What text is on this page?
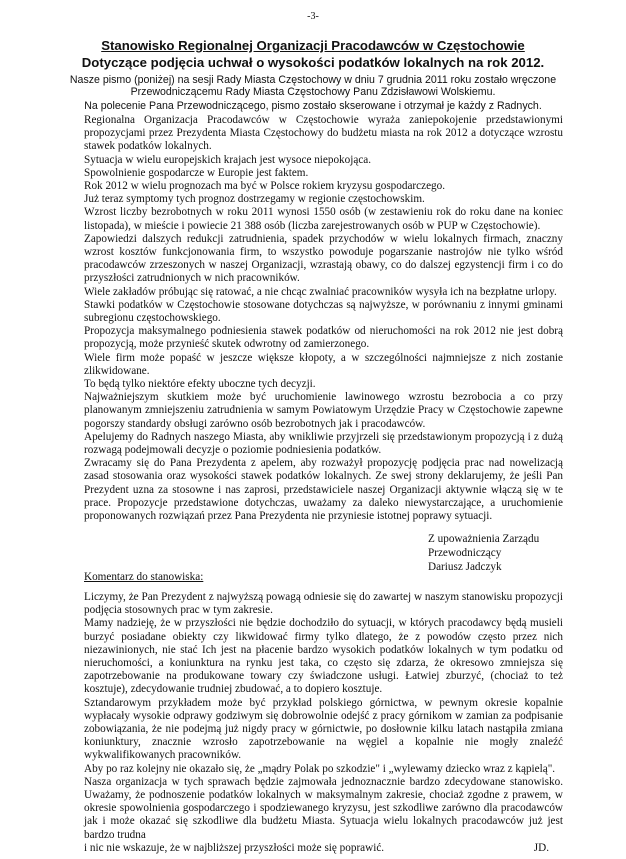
-3-
Stanowisko Regionalnej Organizacji Pracodawców w Częstochowie
Dotyczące podjęcia uchwał o wysokości podatków lokalnych na rok 2012.

Nasze pismo (poniżej) na sesji Rady Miasta Częstochowy w dniu 7 grudnia 2011 roku zostało wręczone Przewodniczącemu Rady Miasta Częstochowy Panu Zdzisławowi Wolskiemu.

Na polecenie Pana Przewodniczącego, pismo zostało skserowane i otrzymał je każdy z Radnych.

Regionalna Organizacja Pracodawców w Częstochowie wyraża zaniepokojenie przedstawionymi propozycjami przez Prezydenta Miasta Częstochowy do budżetu miasta na rok 2012 a dotyczące wzrostu stawek podatków lokalnych.

Sytuacja w wielu europejskich krajach jest wysoce niepokojąca.

Spowolnienie gospodarcze w Europie jest faktem.

Rok 2012 w wielu prognozach ma być w Polsce rokiem kryzysu gospodarczego.

Już teraz symptomy tych prognoz dostrzegamy w regionie częstochowskim.

Wzrost liczby bezrobotnych w roku 2011 wynosi 1550 osób (w zestawieniu rok do roku dane na koniec listopada), w mieście i powiecie 21 388 osób (liczba zarejestrowanych osób w PUP w Częstochowie).

Zapowiedzi dalszych redukcji zatrudnienia, spadek przychodów w wielu lokalnych firmach, znaczny wzrost kosztów funkcjonowania firm, to wszystko powoduje pogarszanie nastrojów nie tylko wśród pracodawców zrzeszonych w naszej Organizacji, wzrastają obawy, co do dalszej egzystencji firm i co do przyszłości zatrudnionych w nich pracowników.

Wiele zakładów próbując się ratować, a nie chcąc zwalniać pracowników wysyła ich na bezpłatne urlopy.

Stawki podatków w Częstochowie stosowane dotychczas są najwyższe, w porównaniu z innymi gminami subregionu częstochowskiego.

Propozycja maksymalnego podniesienia stawek podatków od nieruchomości na rok 2012 nie jest dobrą propozycją, może przynieść skutek odwrotny od zamierzonego.

Wiele firm może popaść w jeszcze większe kłopoty, a w szczególności najmniejsze z nich zostanie zlikwidowane.

To będą tylko niektóre efekty uboczne tych decyzji.

Najważniejszym skutkiem może być uruchomienie lawinowego wzrostu bezrobocia a co przy planowanym zmniejszeniu zatrudnienia w samym Powiatowym Urzędzie Pracy w Częstochowie zapewne pogorszy standardy obsługi zarówno osób bezrobotnych jak i pracodawców.

Apelujemy do Radnych naszego Miasta, aby wnikliwie przyjrzeli się przedstawionym propozycją i z dużą rozwagą podejmowali decyzje o poziomie podniesienia podatków.

Zwracamy się do Pana Prezydenta z apelem, aby rozważył propozycję podjęcia prac nad nowelizacją zasad stosowania oraz wysokości stawek podatków lokalnych. Ze swej strony deklarujemy, że jeśli Pan Prezydent uzna za stosowne i nas zaprosi, przedstawiciele naszej Organizacji aktywnie włączą się w te prace. Propozycje przedstawione dotychczas, uważamy za daleko niewystarczające, a uruchomienie proponowanych rozwiązań przez Pana Prezydenta nie przyniesie istotnej poprawy sytuacji.

Z upoważnienia Zarządu

Przewodniczący

Dariusz Jadczyk

Komentarz do stanowiska:

Liczymy, że Pan Prezydent z najwyższą powagą odniesie się do zawartej w naszym stanowisku propozycji podjęcia stosownych prac w tym zakresie.

Mamy nadzieję, że w przyszłości nie będzie dochodziło do sytuacji, w których pracodawcy będą musieli burzyć posiadane obiekty czy likwidować firmy tylko dlatego, że z powodów często przez nich niezawinionych, nie stać Ich jest na płacenie bardzo wysokich podatków lokalnych w tym podatku od nieruchomości, a koniunktura na rynku jest taka, co często się zdarza, że okresowo zmniejsza się zapotrzebowanie na produkowane towary czy świadczone usługi. Łatwiej zburzyć, (chociaż to też kosztuje), zdecydowanie trudniej zbudować, a to dopiero kosztuje.

Sztandarowym przykładem może być przykład polskiego górnictwa, w pewnym okresie kopalnie wypłacały wysokie odprawy godziwym się dobrowolnie odejść z pracy górnikom w zamian za podpisanie zobowiązania, że nie podejmą już nigdy pracy w górnictwie, po dosłownie kilku latach nastąpiła zmiana koniunktury, znacznie wzrosło zapotrzebowanie na węgiel a kopalnie nie mogły znaleźć wykwalifikowanych pracowników.

Aby po raz kolejny nie okazało się, że „mądry Polak po szkodzie" i „wylewamy dziecko wraz z kąpielą".

Nasza organizacja w tych sprawach będzie zajmowała jednoznacznie bardzo zdecydowane stanowisko. Uważamy, że podnoszenie podatków lokalnych w maksymalnym zakresie, chociaż zgodne z prawem, w okresie spowolnienia gospodarczego i spodziewanego kryzysu, jest szkodliwe zarówno dla pracodawców jak i może okazać się szkodliwe dla budżetu Miasta. Sytuacja wielu lokalnych pracodawców już jest bardzo trudna

i nic nie wskazuje, że w najbliższej przyszłości może się poprawić.	JD.
